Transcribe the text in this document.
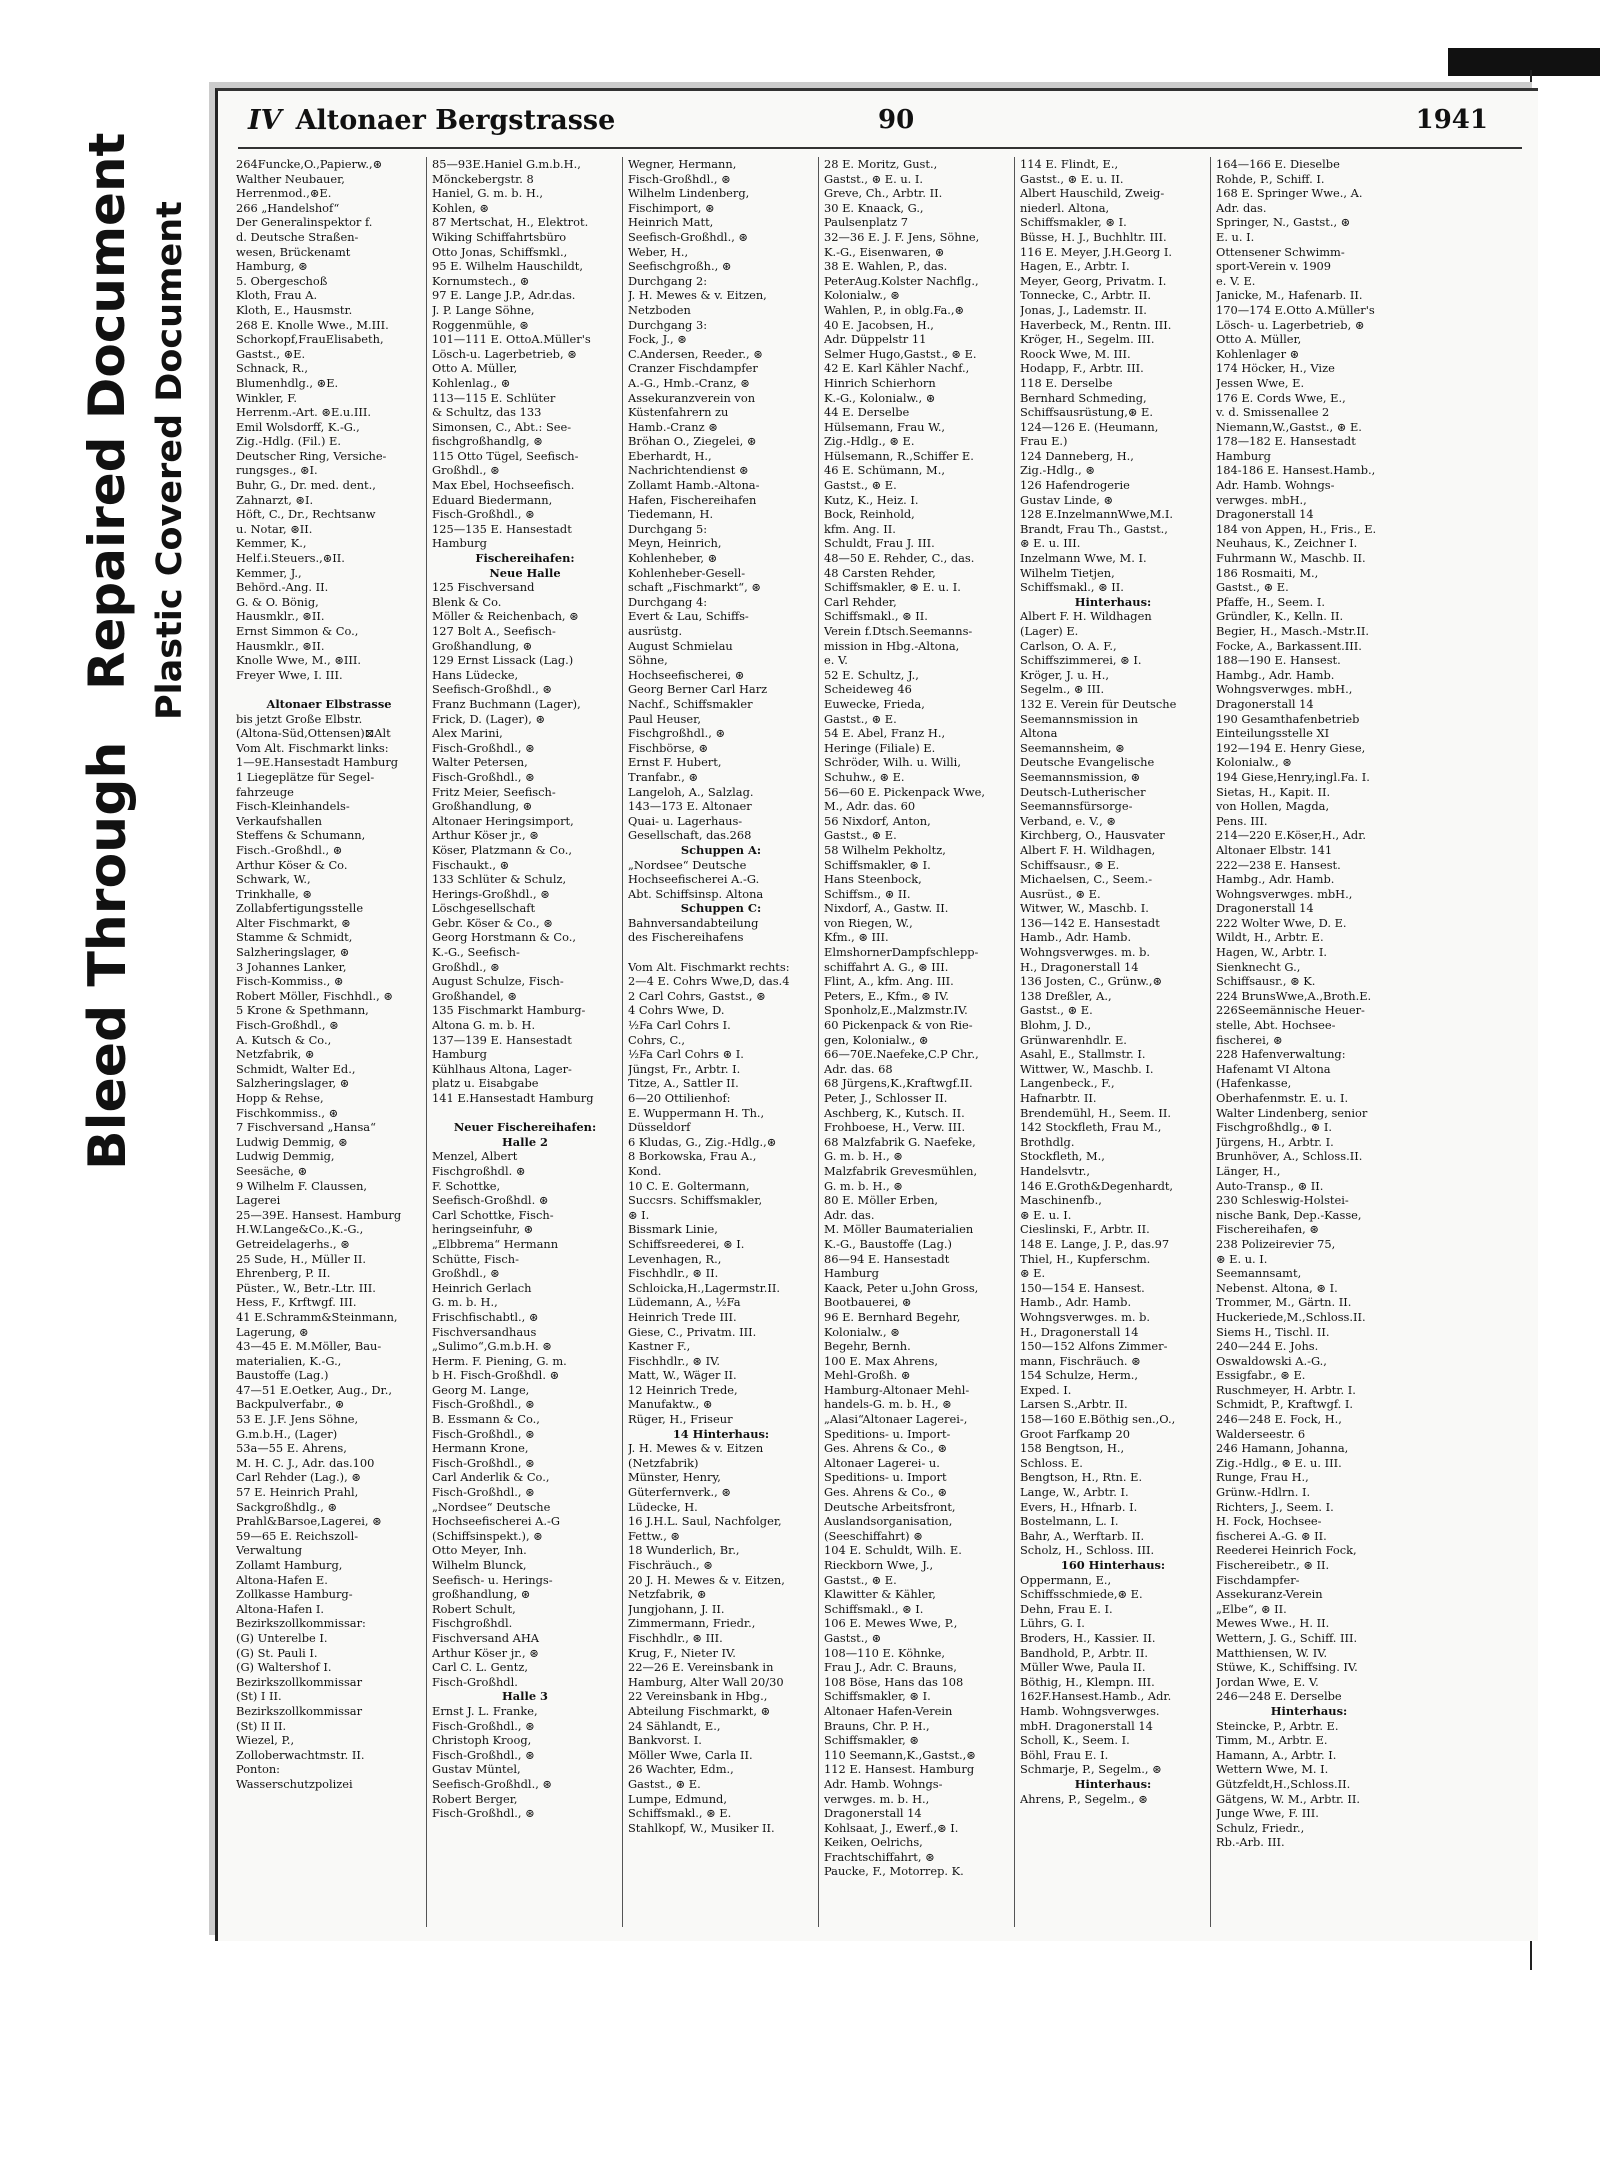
Bleed Through
Repaired Document Plastic Covered Document
IV Altonaer Bergstrasse	90	1941
264Funcke,O.,Papierw.,⊛
Walther Neubauer,
Herrenmod.,⊛E.
266 „Handelshof“
Der Generalinspektor f.
d. Deutsche Straßen-
wesen, Brückenamt
Hamburg, ⊛
5. Obergeschoß
Kloth, Frau A.
Kloth, E., Hausmstr.
268 E. Knolle Wwe., M.III.
Schorkopf,FrauElisabeth,
Gastst., ⊛E.
Schnack, R.,
Blumenhdlg., ⊛E.
Winkler, F.
Herrenm.-Art. ⊛E.u.III.
Emil Wolsdorff, K.-G.,
Zig.-Hdlg. (Fil.) E.
Deutscher Ring, Versiche-
rungsges., ⊛I.
Buhr, G., Dr. med. dent.,
Zahnarzt, ⊛I.
Höft, C., Dr., Rechtsanw
u. Notar, ⊛II.
Kemmer, K.,
Helf.i.Steuers.,⊛II.
Kemmer, J.,
Behörd.-Ang. II.
G. & O. Bönig,
Hausmklr., ⊛II.
Ernst Simmon & Co.,
Hausmklr., ⊛II.
Knolle Wwe, M., ⊛III.
Freyer Wwe, I. III.

Altonaer Elbstrasse
bis jetzt Große Elbstr.
(Altona-Süd,Ottensen)⊠Alt
Vom Alt. Fischmarkt links:
1—9E.Hansestadt Hamburg
1 Liegeplätze für Segel-
fahrzeuge
Fisch-Kleinhandels-
Verkaufshallen
Steffens & Schumann,
Fisch.-Großhdl., ⊛
Arthur Köser & Co.
Schwark, W.,
Trinkhalle, ⊛
Zollabfertigungsstelle
Alter Fischmarkt, ⊛
Stamme & Schmidt,
Salzheringslager, ⊛
3 Johannes Lanker,
Fisch-Kommiss., ⊛
Robert Möller, Fischhdl., ⊛
5 Krone & Spethmann,
Fisch-Großhdl., ⊛
A. Kutsch & Co.,
Netzfabrik, ⊛
Schmidt, Walter Ed.,
Salzheringslager, ⊛
Hopp & Rehse,
Fischkommiss., ⊛
7 Fischversand „Hansa“
Ludwig Demmig, ⊛
Ludwig Demmig,
Seesäche, ⊛
9 Wilhelm F. Claussen,
Lagerei
25—39E. Hansest. Hamburg
H.W.Lange&Co.,K.-G.,
Getreidelagerhs., ⊛
25 Sude, H., Müller II.
Ehrenberg, P. II.
Püster., W., Betr.-Ltr. III.
Hess, F., Krftwgf. III.
41 E.Schramm&Steinmann,
Lagerung, ⊛
43—45 E. M.Möller, Bau-
materialien, K.-G.,
Baustoffe (Lag.)
47—51 E.Oetker, Aug., Dr.,
Backpulverfabr., ⊛
53 E. J.F. Jens Söhne,
G.m.b.H., (Lager)
53a—55 E. Ahrens,
M. H. C. J., Adr. das.100
Carl Rehder (Lag.), ⊛
57 E. Heinrich Prahl,
Sackgroßhdlg., ⊛
Prahl&Barsoe,Lagerei, ⊛
59—65 E. Reichszoll-
Verwaltung
Zollamt Hamburg,
Altona-Hafen E.
Zollkasse Hamburg-
Altona-Hafen I.
Bezirkszollkommissar:
(G) Unterelbe I.
(G) St. Pauli I.
(G) Waltershof I.
Bezirkszollkommissar
(St) I II.
Bezirkszollkommissar
(St) II II.
Wiezel, P.,
Zolloberwachtmstr. II.
Ponton:
Wasserschutzpolizei
85—93E.Haniel G.m.b.H.,
Mönckebergstr. 8
Haniel, G. m. b. H.,
Kohlen, ⊛
87 Mertschat, H., Elektrot.
Wiking Schiffahrtsbüro
Otto Jonas, Schiffsmkl.,
95 E. Wilhelm Hauschildt,
Kornumstech., ⊛
97 E. Lange J.P., Adr.das.
J. P. Lange Söhne,
Roggenmühle, ⊛
101—111 E. OttoA.Müller's
Lösch-u. Lagerbetrieb, ⊛
Otto A. Müller,
Kohlenlag., ⊛
113—115 E. Schlüter
& Schultz, das 133
Simonsen, C., Abt.: See-
fischgroßhandlg, ⊛
115 Otto Tügel, Seefisch-
Großhdl., ⊛
Max Ebel, Hochseefisch.
Eduard Biedermann,
Fisch-Großhdl., ⊛
125—135 E. Hansestadt
Hamburg
Fischereihafen:
Neue Halle
125 Fischversand
Blenk & Co.
Möller & Reichenbach, ⊛
127 Bolt A., Seefisch-
Großhandlung, ⊛
129 Ernst Lissack (Lag.)
Hans Lüdecke,
Seefisch-Großhdl., ⊛
Franz Buchmann (Lager),
Frick, D. (Lager), ⊛
Alex Marini,
Fisch-Großhdl., ⊛
Walter Petersen,
Fisch-Großhdl., ⊛
Fritz Meier, Seefisch-
Großhandlung, ⊛
Altonaer Heringsimport,
Arthur Köser jr., ⊛
Köser, Platzmann & Co.,
Fischaukt., ⊛
133 Schlüter & Schulz,
Herings-Großhdl., ⊛
Löschgesellschaft
Gebr. Köser & Co., ⊛
Georg Horstmann & Co.,
K.-G., Seefisch-
Großhdl., ⊛
August Schulze, Fisch-
Großhandel, ⊛
135 Fischmarkt Hamburg-
Altona G. m. b. H.
137—139 E. Hansestadt
Hamburg
Kühlhaus Altona, Lager-
platz u. Eisabgabe
141 E.Hansestadt Hamburg

Neuer Fischereihafen:
Halle 2
Menzel, Albert
Fischgroßhdl. ⊛
F. Schottke,
Seefisch-Großhdl. ⊛
Carl Schottke, Fisch-
heringseinfuhr, ⊛
„Elbbrema“ Hermann
Schütte, Fisch-
Großhdl., ⊛
Heinrich Gerlach
G. m. b. H.,
Frischfischabtl., ⊛
Fischversandhaus
„Sulimo“,G.m.b.H. ⊛
Herm. F. Piening, G. m.
b H. Fisch-Großhdl. ⊛
Georg M. Lange,
Fisch-Großhdl., ⊛
B. Essmann & Co.,
Fisch-Großhdl., ⊛
Hermann Krone,
Fisch-Großhdl., ⊛
Carl Anderlik & Co.,
Fisch-Großhdl., ⊛
„Nordsee“ Deutsche
Hochseefischerei A.-G
(Schiffsinspekt.), ⊛
Otto Meyer, Inh.
Wilhelm Blunck,
Seefisch- u. Herings-
großhandlung, ⊛
Robert Schult,
Fischgroßhdl.
Fischversand AHA
Arthur Köser jr., ⊛
Carl C. L. Gentz,
Fisch-Großhdl.
Halle 3
Ernst J. L. Franke,
Fisch-Großhdl., ⊛
Christoph Kroog,
Fisch-Großhdl., ⊛
Gustav Müntel,
Seefisch-Großhdl., ⊛
Robert Berger,
Fisch-Großhdl., ⊛
Wegner, Hermann,
Fisch-Großhdl., ⊛
Wilhelm Lindenberg,
Fischimport, ⊛
Heinrich Matt,
Seefisch-Großhdl., ⊛
Weber, H.,
Seefischgroßh., ⊛
Durchgang 2:
J. H. Mewes & v. Eitzen,
Netzboden
Durchgang 3:
Fock, J., ⊛
C.Andersen, Reeder., ⊛
Cranzer Fischdampfer
A.-G., Hmb.-Cranz, ⊛
Assekuranzverein von
Küstenfahrern zu
Hamb.-Cranz ⊛
Bröhan O., Ziegelei, ⊛
Eberhardt, H.,
Nachrichtendienst ⊛
Zollamt Hamb.-Altona-
Hafen, Fischereihafen
Tiedemann, H.
Durchgang 5:
Meyn, Heinrich,
Kohlenheber, ⊛
Kohlenheber-Gesell-
schaft „Fischmarkt“, ⊛
Durchgang 4:
Evert & Lau, Schiffs-
ausrüstg.
August Schmielau
Söhne,
Hochseefischerei, ⊛
Georg Berner Carl Harz
Nachf., Schiffsmakler
Paul Heuser,
Fischgroßhdl., ⊛
Fischbörse, ⊛
Ernst F. Hubert,
Tranfabr., ⊛
Langeloh, A., Salzlag.
143—173 E. Altonaer
Quai- u. Lagerhaus-
Gesellschaft, das.268
Schuppen A:
„Nordsee“ Deutsche
Hochseefischerei A.-G.
Abt. Schiffsinsp. Altona
Schuppen C:
Bahnversandabteilung
des Fischereihafens

Vom Alt. Fischmarkt rechts:
2—4 E. Cohrs Wwe,D, das.4
2 Carl Cohrs, Gastst., ⊛
4 Cohrs Wwe, D.
½Fa Carl Cohrs I.
Cohrs, C.,
½Fa Carl Cohrs ⊛ I.
Jüngst, Fr., Arbtr. I.
Titze, A., Sattler II.
6—20 Ottilienhof:
E. Wuppermann H. Th.,
Düsseldorf
6 Kludas, G., Zig.-Hdlg.,⊛
8 Borkowska, Frau A.,
Kond.
10 C. E. Goltermann,
Succsrs. Schiffsmakler,
⊛ I.
Bissmark Linie,
Schiffsreederei, ⊛ I.
Levenhagen, R.,
Fischhdlr., ⊛ II.
Schloicka,H.,Lagermstr.II.
Lüdemann, A., ½Fa
Heinrich Trede III.
Giese, C., Privatm. III.
Kastner F.,
Fischhdlr., ⊛ IV.
Matt, W., Wäger II.
12 Heinrich Trede,
Manufaktw., ⊛
Rüger, H., Friseur
14 Hinterhaus:
J. H. Mewes & v. Eitzen
(Netzfabrik)
Münster, Henry,
Güterfernverk., ⊛
Lüdecke, H.
16 J.H.L. Saul, Nachfolger,
Fettw., ⊛
18 Wunderlich, Br.,
Fischräuch., ⊛
20 J. H. Mewes & v. Eitzen,
Netzfabrik, ⊛
Jungjohann, J. II.
Zimmermann, Friedr.,
Fischhdlr., ⊛ III.
Krug, F., Nieter IV.
22—26 E. Vereinsbank in
Hamburg, Alter Wall 20/30
22 Vereinsbank in Hbg.,
Abteilung Fischmarkt, ⊛
24 Sählandt, E.,
Bankvorst. I.
Möller Wwe, Carla II.
26 Wachter, Edm.,
Gastst., ⊛ E.
Lumpe, Edmund,
Schiffsmakl., ⊛ E.
Stahlkopf, W., Musiker II.
28 E. Moritz, Gust.,
Gastst., ⊛ E. u. I.
Greve, Ch., Arbtr. II.
30 E. Knaack, G.,
Paulsenplatz 7
32—36 E. J. F. Jens, Söhne,
K.-G., Eisenwaren, ⊛
38 E. Wahlen, P., das.
PeterAug.Kolster Nachflg.,
Kolonialw., ⊛
Wahlen, P., in oblg.Fa.,⊛
40 E. Jacobsen, H.,
Adr. Düppelstr 11
Selmer Hugo,Gastst., ⊛ E.
42 E. Karl Kähler Nachf.,
Hinrich Schierhorn
K.-G., Kolonialw., ⊛
44 E. Derselbe
Hülsemann, Frau W.,
Zig.-Hdlg., ⊛ E.
Hülsemann, R.,Schiffer E.
46 E. Schümann, M.,
Gastst., ⊛ E.
Kutz, K., Heiz. I.
Bock, Reinhold,
kfm. Ang. II.
Schuldt, Frau J. III.
48—50 E. Rehder, C., das.
48 Carsten Rehder,
Schiffsmakler, ⊛ E. u. I.
Carl Rehder,
Schiffsmakl., ⊛ II.
Verein f.Dtsch.Seemanns-
mission in Hbg.-Altona,
e. V.
52 E. Schultz, J.,
Scheideweg 46
Euwecke, Frieda,
Gastst., ⊛ E.
54 E. Abel, Franz H.,
Heringe (Filiale) E.
Schröder, Wilh. u. Willi,
Schuhw., ⊛ E.
56—60 E. Pickenpack Wwe,
M., Adr. das. 60
56 Nixdorf, Anton,
Gastst., ⊛ E.
58 Wilhelm Pekholtz,
Schiffsmakler, ⊛ I.
Hans Steenbock,
Schiffsm., ⊛ II.
Nixdorf, A., Gastw. II.
von Riegen, W.,
Kfm., ⊛ III.
ElmshornerDampfschlepp-
schiffahrt A. G., ⊛ III.
Flint, A., kfm. Ang. III.
Peters, E., Kfm., ⊛ IV.
Sponholz,E.,Malzmstr.IV.
60 Pickenpack & von Rie-
gen, Kolonialw., ⊛
66—70E.Naefeke,C.P Chr.,
Adr. das. 68
68 Jürgens,K.,Kraftwgf.II.
Peter, J., Schlosser II.
Aschberg, K., Kutsch. II.
Frohboese, H., Verw. III.
68 Malzfabrik G. Naefeke,
G. m. b. H., ⊛
Malzfabrik Grevesmühlen,
G. m. b. H., ⊛
80 E. Möller Erben,
Adr. das.
M. Möller Baumaterialien
K.-G., Baustoffe (Lag.)
86—94 E. Hansestadt
Hamburg
Kaack, Peter u.John Gross,
Bootbauerei, ⊛
96 E. Bernhard Begehr,
Kolonialw., ⊛
Begehr, Bernh.
100 E. Max Ahrens,
Mehl-Großh. ⊛
Hamburg-Altonaer Mehl-
handels-G. m. b. H., ⊛
„Alasi“Altonaer Lagerei-,
Speditions- u. Import-
Ges. Ahrens & Co., ⊛
Altonaer Lagerei- u.
Speditions- u. Import
Ges. Ahrens & Co., ⊛
Deutsche Arbeitsfront,
Auslandsorganisation,
(Seeschiffahrt) ⊛
104 E. Schuldt, Wilh. E.
Rieckborn Wwe, J.,
Gastst., ⊛ E.
Klawitter & Kähler,
Schiffsmakl., ⊛ I.
106 E. Mewes Wwe, P.,
Gastst., ⊛
108—110 E. Köhnke,
Frau J., Adr. C. Brauns,
108 Böse, Hans das 108
Schiffsmakler, ⊛ I.
Altonaer Hafen-Verein
Brauns, Chr. P. H.,
Schiffsmakler, ⊛
110 Seemann,K.,Gastst.,⊛
112 E. Hansest. Hamburg
Adr. Hamb. Wohngs-
verwges. m. b. H.,
Dragonerstall 14
Kohlsaat, J., Ewerf.,⊛ I.
Keiken, Oelrichs,
Frachtschiffahrt, ⊛
Paucke, F., Motorrep. K.
114 E. Flindt, E.,
Gastst., ⊛ E. u. II.
Albert Hauschild, Zweig-
niederl. Altona,
Schiffsmakler, ⊛ I.
Büsse, H. J., Buchhltr. III.
116 E. Meyer, J.H.Georg I.
Hagen, E., Arbtr. I.
Meyer, Georg, Privatm. I.
Tonnecke, C., Arbtr. II.
Jonas, J., Lademstr. II.
Haverbeck, M., Rentn. III.
Kröger, H., Segelm. III.
Roock Wwe, M. III.
Hodapp, F., Arbtr. III.
118 E. Derselbe
Bernhard Schmeding,
Schiffsausrüstung,⊛ E.
124—126 E. (Heumann,
Frau E.)
124 Danneberg, H.,
Zig.-Hdlg., ⊛
126 Hafendrogerie
Gustav Linde, ⊛
128 E.InzelmannWwe,M.I.
Brandt, Frau Th., Gastst.,
⊛ E. u. III.
Inzelmann Wwe, M. I.
Wilhelm Tietjen,
Schiffsmakl., ⊛ II.
Hinterhaus:
Albert F. H. Wildhagen
(Lager) E.
Carlson, O. A. F.,
Schiffszimmerei, ⊛ I.
Kröger, J. u. H.,
Segelm., ⊛ III.
132 E. Verein für Deutsche
Seemannsmission in
Altona
Seemannsheim, ⊛
Deutsche Evangelische
Seemannsmission, ⊛
Deutsch-Lutherischer
Seemannsfürsorge-
Verband, e. V., ⊛
Kirchberg, O., Hausvater
Albert F. H. Wildhagen,
Schiffsausr., ⊛ E.
Michaelsen, C., Seem.-
Ausrüst., ⊛ E.
Witwer, W., Maschb. I.
136—142 E. Hansestadt
Hamb., Adr. Hamb.
Wohngsverwges. m. b.
H., Dragonerstall 14
136 Josten, C., Grünw.,⊛
138 Dreßler, A.,
Gastst., ⊛ E.
Blohm, J. D.,
Grünwarenhdlr. E.
Asahl, E., Stallmstr. I.
Wittwer, W., Maschb. I.
Langenbeck., F.,
Hafnarbtr. II.
Brendemühl, H., Seem. II.
142 Stockfleth, Frau M.,
Brothdlg.
Stockfleth, M.,
Handelsvtr.,
146 E.Groth&Degenhardt,
Maschinenfb.,
⊛ E. u. I.
Cieslinski, F., Arbtr. II.
148 E. Lange, J. P., das.97
Thiel, H., Kupferschm.
⊛ E.
150—154 E. Hansest.
Hamb., Adr. Hamb.
Wohngsverwges. m. b.
H., Dragonerstall 14
150—152 Alfons Zimmer-
mann, Fischräuch. ⊛
154 Schulze, Herm.,
Exped. I.
Larsen S.,Arbtr. II.
158—160 E.Böthig sen.,O.,
Groot Farfkamp 20
158 Bengtson, H.,
Schloss. E.
Bengtson, H., Rtn. E.
Lange, W., Arbtr. I.
Evers, H., Hfnarb. I.
Bostelmann, L. I.
Bahr, A., Werftarb. II.
Scholz, H., Schloss. III.
160 Hinterhaus:
Oppermann, E.,
Schiffsschmiede,⊛ E.
Dehn, Frau E. I.
Lührs, G. I.
Broders, H., Kassier. II.
Bandhold, P., Arbtr. II.
Müller Wwe, Paula II.
Böthig, H., Klempn. III.
162F.Hansest.Hamb., Adr.
Hamb. Wohngsverwges.
mbH. Dragonerstall 14
Scholl, K., Seem. I.
Böhl, Frau E. I.
Schmarje, P., Segelm., ⊛
Hinterhaus:
Ahrens, P., Segelm., ⊛
164—166 E. Dieselbe
Rohde, P., Schiff. I.
168 E. Springer Wwe., A.
Adr. das.
Springer, N., Gastst., ⊛
E. u. I.
Ottensener Schwimm-
sport-Verein v. 1909
e. V. E.
Janicke, M., Hafenarb. II.
170—174 E.Otto A.Müller's
Lösch- u. Lagerbetrieb, ⊛
Otto A. Müller,
Kohlenlager ⊛
174 Höcker, H., Vize
Jessen Wwe, E.
176 E. Cords Wwe, E.,
v. d. Smissenallee 2
Niemann,W.,Gastst., ⊛ E.
178—182 E. Hansestadt
Hamburg
184-186 E. Hansest.Hamb.,
Adr. Hamb. Wohngs-
verwges. mbH.,
Dragonerstall 14
184 von Appen, H., Fris., E.
Neuhaus, K., Zeichner I.
Fuhrmann W., Maschb. II.
186 Rosmaiti, M.,
Gastst., ⊛ E.
Pfaffe, H., Seem. I.
Gründler, K., Kelln. II.
Begier, H., Masch.-Mstr.II.
Focke, A., Barkassent.III.
188—190 E. Hansest.
Hambg., Adr. Hamb.
Wohngsverwges. mbH.,
Dragonerstall 14
190 Gesamthafenbetrieb
Einteilungsstelle XI
192—194 E. Henry Giese,
Kolonialw., ⊛
194 Giese,Henry,ingl.Fa. I.
Sietas, H., Kapit. II.
von Hollen, Magda,
Pens. III.
214—220 E.Köser,H., Adr.
Altonaer Elbstr. 141
222—238 E. Hansest.
Hambg., Adr. Hamb.
Wohngsverwges. mbH.,
Dragonerstall 14
222 Wolter Wwe, D. E.
Wildt, H., Arbtr. E.
Hagen, W., Arbtr. I.
Sienknecht G.,
Schiffsausr., ⊛ K.
224 BrunsWwe,A.,Broth.E.
226Seemännische Heuer-
stelle, Abt. Hochsee-
fischerei, ⊛
228 Hafenverwaltung:
Hafenamt VI Altona
(Hafenkasse,
Oberhafenmstr. E. u. I.
Walter Lindenberg, senior
Fischgroßhdlg., ⊛ I.
Jürgens, H., Arbtr. I.
Brunhöver, A., Schloss.II.
Länger, H.,
Auto-Transp., ⊛ II.
230 Schleswig-Holstei-
nische Bank, Dep.-Kasse,
Fischereihafen, ⊛
238 Polizeirevier 75,
⊛ E. u. I.
Seemannsamt,
Nebenst. Altona, ⊛ I.
Trommer, M., Gärtn. II.
Huckeriede,M.,Schloss.II.
Siems H., Tischl. II.
240—244 E. Johs.
Oswaldowski A.-G.,
Essigfabr., ⊛ E.
Ruschmeyer, H. Arbtr. I.
Schmidt, P., Kraftwgf. I.
246—248 E. Fock, H.,
Walderseestr. 6
246 Hamann, Johanna,
Zig.-Hdlg., ⊛ E. u. III.
Runge, Frau H.,
Grünw.-Hdlrn. I.
Richters, J., Seem. I.
H. Fock, Hochsee-
fischerei A.-G. ⊛ II.
Reederei Heinrich Fock,
Fischereibetr., ⊛ II.
Fischdampfer-
Assekuranz-Verein
„Elbe“, ⊛ II.
Mewes Wwe., H. II.
Wettern, J. G., Schiff. III.
Matthiensen, W. IV.
Stüwe, K., Schiffsing. IV.
Jordan Wwe, E. V.
246—248 E. Derselbe
Hinterhaus:
Steincke, P., Arbtr. E.
Timm, M., Arbtr. E.
Hamann, A., Arbtr. I.
Wettern Wwe, M. I.
Gützfeldt,H.,Schloss.II.
Gätgens, W. M., Arbtr. II.
Junge Wwe, F. III.
Schulz, Friedr.,
Rb.-Arb. III.
